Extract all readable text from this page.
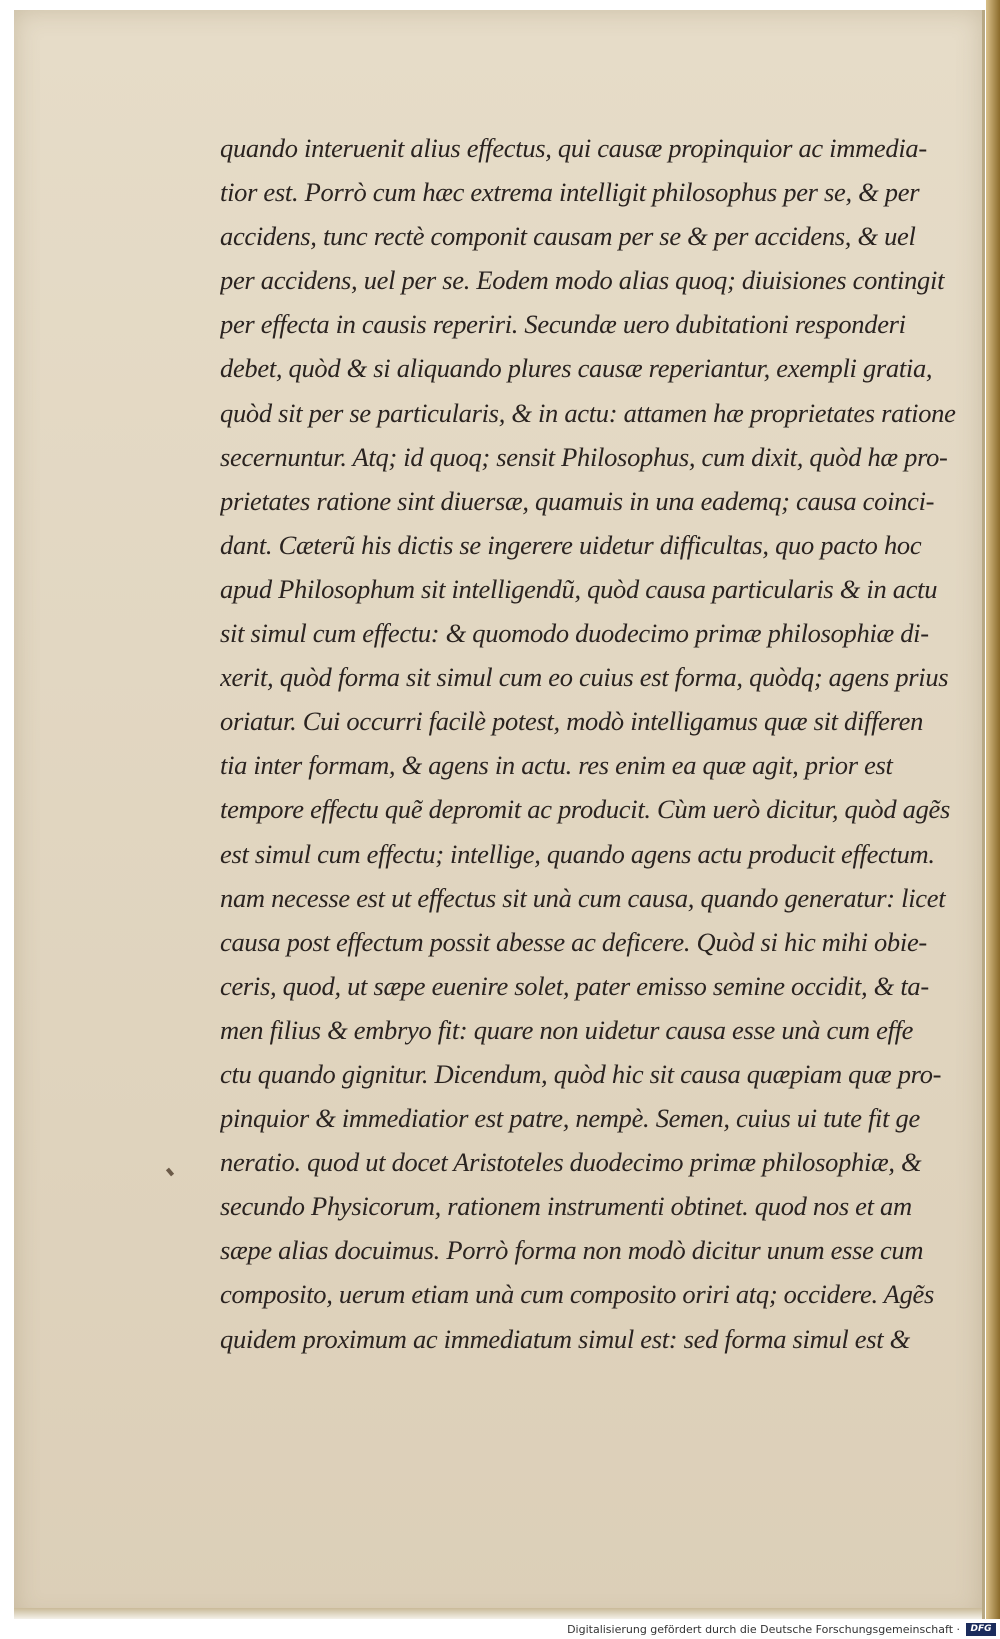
quando interuenit alius effectus, qui causæ propinquior ac immedia-
tior est. Porrò cum hæc extrema intelligit philosophus per se, & per
accidens, tunc rectè componit causam per se & per accidens, & uel
per accidens, uel per se. Eodem modo alias quoq; diuisiones contingit
per effecta in causis reperiri. Secundæ uero dubitationi responderi
debet, quòd & si aliquando plures causæ reperiantur, exempli gratia,
quòd sit per se particularis, & in actu: attamen hæ proprietates ratione
secernuntur. Atq; id quoq; sensit Philosophus, cum dixit, quòd hæ pro-
prietates ratione sint diuersæ, quamuis in una eademq; causa coinci-
dant. Cæterũ his dictis se ingerere uidetur difficultas, quo pacto hoc
apud Philosophum sit intelligendũ, quòd causa particularis & in actu
sit simul cum effectu: & quomodo duodecimo primæ philosophiæ di-
xerit, quòd forma sit simul cum eo cuius est forma, quòdq; agens prius
oriatur. Cui occurri facilè potest, modò intelligamus quæ sit differen
tia inter formam, & agens in actu. res enim ea quæ agit, prior est
tempore effectu quẽ depromit ac producit. Cùm uerò dicitur, quòd agẽs
est simul cum effectu; intellige, quando agens actu producit effectum.
nam necesse est ut effectus sit unà cum causa, quando generatur: licet
causa post effectum possit abesse ac deficere. Quòd si hic mihi obie-
ceris, quod, ut sæpe euenire solet, pater emisso semine occidit, & ta-
men filius & embryo fit: quare non uidetur causa esse unà cum effe
ctu quando gignitur. Dicendum, quòd hic sit causa quæpiam quæ pro-
pinquior & immediatior est patre, nempè. Semen, cuius ui tute fit ge
neratio. quod ut docet Aristoteles duodecimo primæ philosophiæ, &
secundo Physicorum, rationem instrumenti obtinet. quod nos et am
sæpe alias docuimus. Porrò forma non modò dicitur unum esse cum
composito, uerum etiam unà cum composito oriri atq; occidere. Agẽs
quidem proximum ac immediatum simul est: sed forma simul est &
Digitalisierung gefördert durch die Deutsche Forschungsgemeinschaft ·	DFG
